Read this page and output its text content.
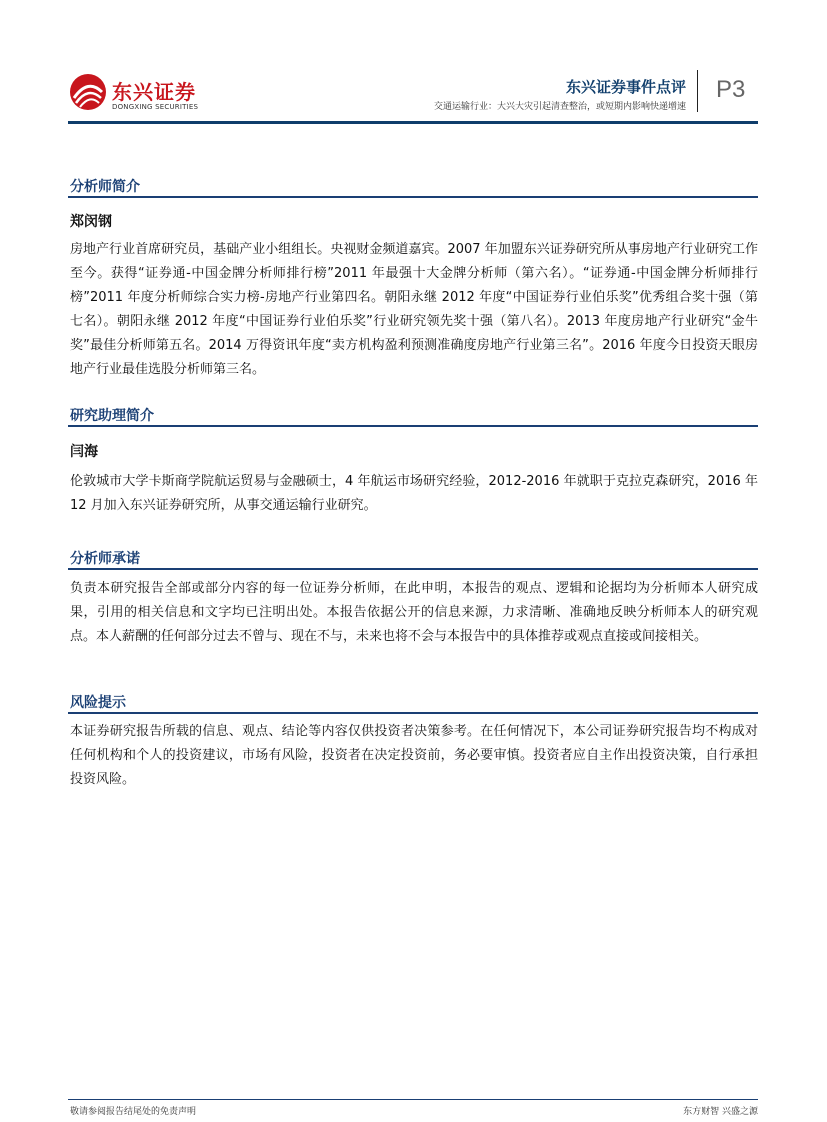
东兴证券
DONGXING SECURITIES
东兴证券事件点评
交通运输行业：大兴大灾引起清查整治，或短期内影响快递增速
P3
分析师简介
郑闵钢

房地产行业首席研究员，基础产业小组组长。央视财金频道嘉宾。2007 年加盟东兴证券研究所从事房地产行业研究工作至今。获得“证券通-中国金牌分析师排行榜”2011 年最强十大金牌分析师（第六名）。“证券通-中国金牌分析师排行榜”2011 年度分析师综合实力榜-房地产行业第四名。朝阳永继 2012 年度“中国证券行业伯乐奖”优秀组合奖十强（第七名）。朝阳永继 2012 年度“中国证券行业伯乐奖”行业研究领先奖十强（第八名）。2013 年度房地产行业研究“金牛奖”最佳分析师第五名。2014 万得资讯年度“卖方机构盈利预测准确度房地产行业第三名”。2016 年度今日投资天眼房地产行业最佳选股分析师第三名。

研究助理简介
闫海

伦敦城市大学卡斯商学院航运贸易与金融硕士，4 年航运市场研究经验，2012-2016 年就职于克拉克森研究，2016 年 12 月加入东兴证券研究所，从事交通运输行业研究。

分析师承诺

负责本研究报告全部或部分内容的每一位证券分析师，在此申明，本报告的观点、逻辑和论据均为分析师本人研究成果，引用的相关信息和文字均已注明出处。本报告依据公开的信息来源，力求清晰、准确地反映分析师本人的研究观点。本人薪酬的任何部分过去不曾与、现在不与，未来也将不会与本报告中的具体推荐或观点直接或间接相关。

风险提示

本证券研究报告所载的信息、观点、结论等内容仅供投资者决策参考。在任何情况下，本公司证券研究报告均不构成对任何机构和个人的投资建议，市场有风险，投资者在决定投资前，务必要审慎。投资者应自主作出投资决策，自行承担投资风险。

敬请参阅报告结尾处的免责声明	东方财智 兴盛之源
